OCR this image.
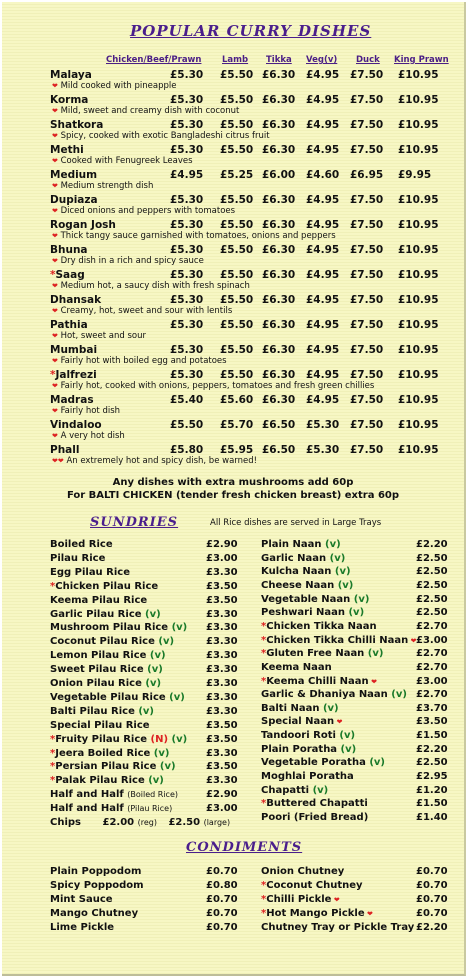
POPULAR CURRY DISHES
Chicken/Beef/Prawn Lamb Tikka Veg(v) Duck King Prawn
Malaya	£5.30 £5.50 £6.30 £4.95 £7.50 £10.95
❤ Mild cooked with pineapple
Korma	£5.30 £5.50 £6.30 £4.95 £7.50 £10.95
❤ Mild, sweet and creamy dish with coconut
Shatkora	£5.30 £5.50 £6.30 £4.95 £7.50 £10.95
❤ Spicy, cooked with exotic Bangladeshi citrus fruit
Methi	£5.30 £5.50 £6.30 £4.95 £7.50 £10.95
❤ Cooked with Fenugreek Leaves
Medium	£4.95 £5.25 £6.00 £4.60 £6.95 £9.95
❤ Medium strength dish
Dupiaza	£5.30 £5.50 £6.30 £4.95 £7.50 £10.95
❤ Diced onions and peppers with tomatoes
Rogan Josh	£5.30 £5.50 £6.30 £4.95 £7.50 £10.95
❤ Thick tangy sauce garnished with tomatoes, onions and peppers
Bhuna	£5.30 £5.50 £6.30 £4.95 £7.50 £10.95
❤ Dry dish in a rich and spicy sauce
*Saag	£5.30 £5.50 £6.30 £4.95 £7.50 £10.95
❤ Medium hot, a saucy dish with fresh spinach
Dhansak	£5.30 £5.50 £6.30 £4.95 £7.50 £10.95
❤ Creamy, hot, sweet and sour with lentils
Pathia	£5.30 £5.50 £6.30 £4.95 £7.50 £10.95
❤ Hot, sweet and sour
Mumbai	£5.30 £5.50 £6.30 £4.95 £7.50 £10.95
❤ Fairly hot with boiled egg and potatoes
*Jalfrezi	£5.30 £5.50 £6.30 £4.95 £7.50 £10.95
❤ Fairly hot, cooked with onions, peppers, tomatoes and fresh green chillies
Madras	£5.40 £5.60 £6.30 £4.95 £7.50 £10.95
❤ Fairly hot dish
Vindaloo	£5.50 £5.70 £6.50 £5.30 £7.50 £10.95
❤ A very hot dish
Phall	£5.80 £5.95 £6.50 £5.30 £7.50 £10.95
❤❤ An extremely hot and spicy dish, be warned!
Any dishes with extra mushrooms add 60p
For BALTI CHICKEN (tender fresh chicken breast) extra 60p
SUNDRIES	All Rice dishes are served in Large Trays
Boiled Rice	£2.90
Pilau Rice	£3.00
Egg Pilau Rice	£3.30
*Chicken Pilau Rice	£3.50
Keema Pilau Rice	£3.50
Garlic Pilau Rice (v)	£3.30
Mushroom Pilau Rice (v) £3.30
Coconut Pilau Rice (v)	£3.30
Lemon Pilau Rice (v)	£3.30
Sweet Pilau Rice (v)	£3.30
Onion Pilau Rice (v)	£3.30
Vegetable Pilau Rice (v) £3.30
Balti Pilau Rice (v)	£3.30
Special Pilau Rice	£3.50
*Fruity Pilau Rice (N) (v) £3.50
*Jeera Boiled Rice (v)	£3.30
*Persian Pilau Rice (v)	£3.50
*Palak Pilau Rice (v)	£3.30
Half and Half (Boiled Rice)	£2.90
Half and Half (Pilau Rice)	£3.00
Plain Naan (v)	£2.20
Garlic Naan (v)	£2.50
Kulcha Naan (v)	£2.50
Cheese Naan (v)	£2.50
Vegetable Naan (v)	£2.50
Peshwari Naan (v)	£2.50
*Chicken Tikka Naan	£2.70
*Chicken Tikka Chilli Naan ❤ £3.00
*Gluten Free Naan (v)	£2.70
Keema Naan	£2.70
*Keema Chilli Naan ❤	£3.00
Garlic & Dhaniya Naan (v) £2.70
Balti Naan (v)	£3.70
Special Naan ❤	£3.50
Tandoori Roti (v)	£1.50
Plain Poratha (v)	£2.20
Vegetable Poratha (v)	£2.50
Moghlai Poratha	£2.95
Chapatti (v)	£1.20
*Buttered Chapatti	£1.50
Poori (Fried Bread)	£1.40
Chips £2.00 (reg) £2.50 (large)
CONDIMENTS
Plain Poppodom	£0.70
Spicy Poppodom	£0.80
Mint Sauce	£0.70
Mango Chutney	£0.70
Lime Pickle	£0.70
Onion Chutney	£0.70
*Coconut Chutney	£0.70
*Chilli Pickle ❤	£0.70
*Hot Mango Pickle ❤	£0.70
Chutney Tray or Pickle Tray £2.20
